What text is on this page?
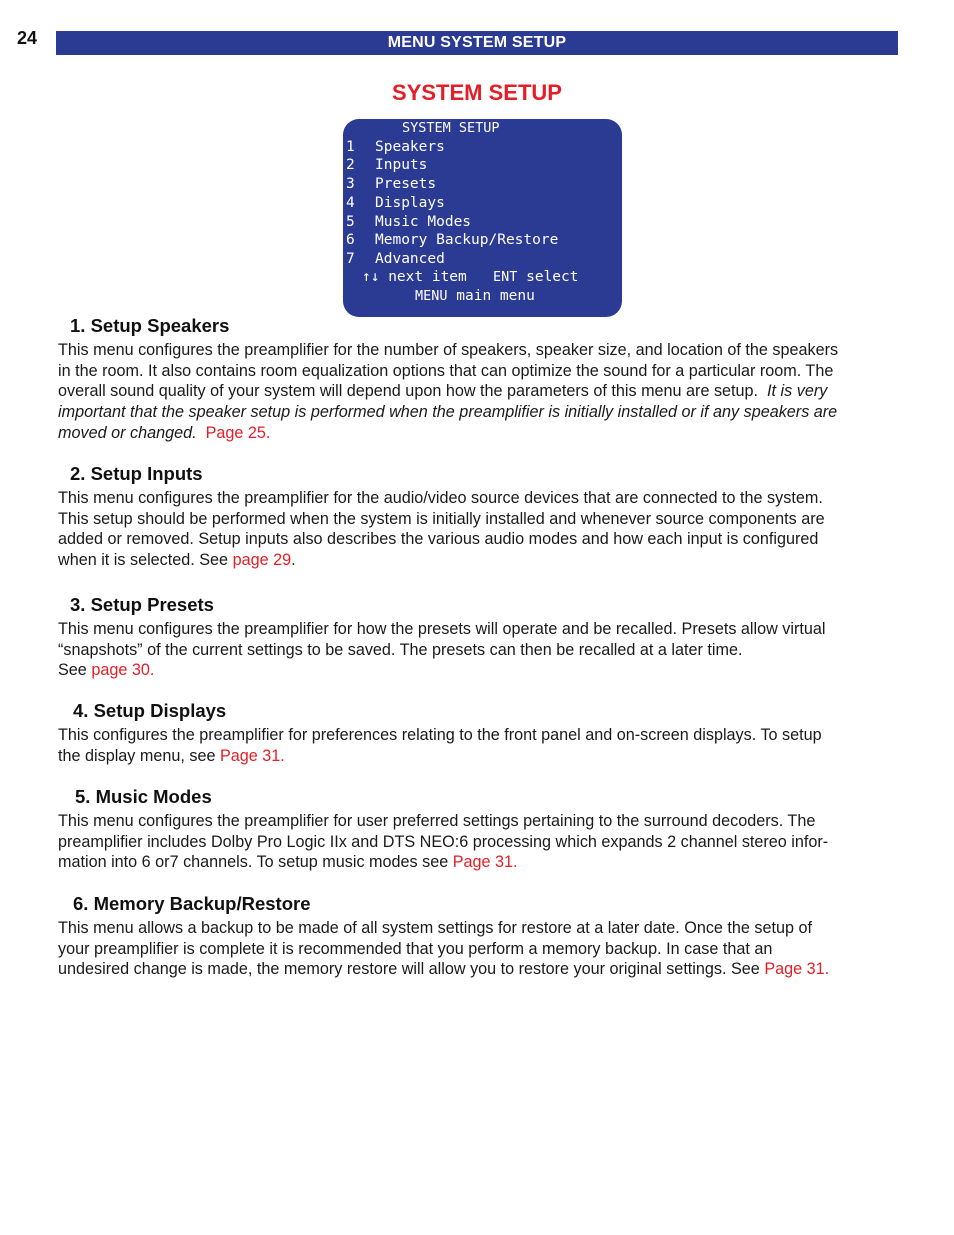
24	MENU SYSTEM SETUP
SYSTEM SETUP
SYSTEM SETUP
1 Speakers
2 Inputs
3 Presets
4 Displays
5 Music Modes
6 Memory Backup/Restore
7 Advanced
↑↓ next item ENT select
MENU main menu
1. Setup Speakers
This menu configures the preamplifier for the number of speakers, speaker size, and location of the speakers
in the room. It also contains room equalization options that can optimize the sound for a particular room. The
overall sound quality of your system will depend upon how the parameters of this menu are setup. It is very
important that the speaker setup is performed when the preamplifier is initially installed or if any speakers are
moved or changed. Page 25.
2. Setup Inputs
This menu configures the preamplifier for the audio/video source devices that are connected to the system.
This setup should be performed when the system is initially installed and whenever source components are
added or removed. Setup inputs also describes the various audio modes and how each input is configured
when it is selected. See page 29.
3. Setup Presets
This menu configures the preamplifier for how the presets will operate and be recalled. Presets allow virtual
“snapshots” of the current settings to be saved. The presets can then be recalled at a later time.
See page 30.
4. Setup Displays
This configures the preamplifier for preferences relating to the front panel and on-screen displays. To setup
the display menu, see Page 31.
5. Music Modes
This menu configures the preamplifier for user preferred settings pertaining to the surround decoders. The
preamplifier includes Dolby Pro Logic IIx and DTS NEO:6 processing which expands 2 channel stereo infor-
mation into 6 or7 channels. To setup music modes see Page 31.
6. Memory Backup/Restore
This menu allows a backup to be made of all system settings for restore at a later date. Once the setup of
your preamplifier is complete it is recommended that you perform a memory backup. In case that an
undesired change is made, the memory restore will allow you to restore your original settings. See Page 31.
